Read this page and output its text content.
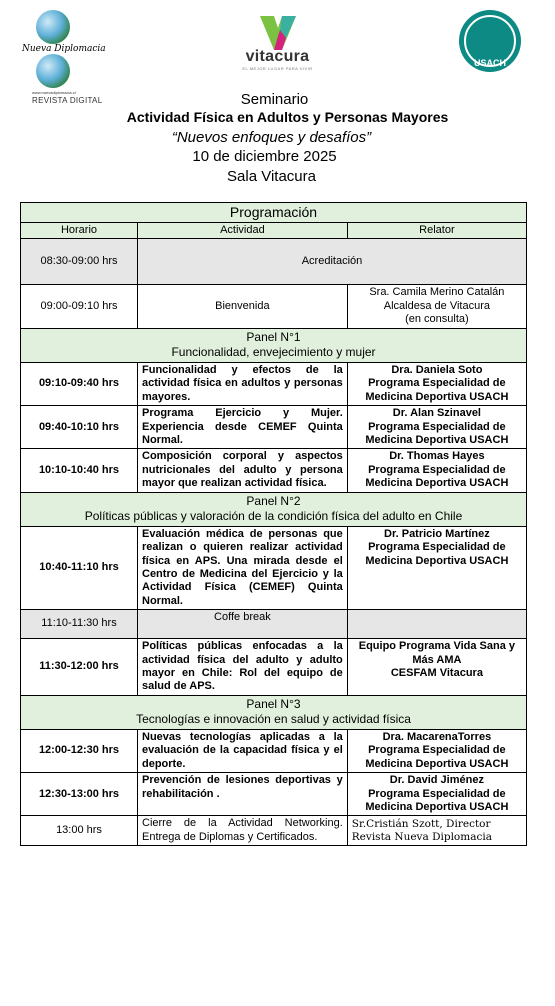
Nueva Diplomacia
www.nuevadiplomacia.cl
REVISTA DIGITAL
vitacura
EL MEJOR LUGAR PARA VIVIR
USACH
Seminario
Actividad Física en Adultos y Personas Mayores
“Nuevos enfoques y desafíos”
10 de diciembre 2025
Sala Vitacura
Programación		
Horario	Actividad	Relator
08:30-09:00 hrs	Acreditación	
09:00-09:10 hrs	Bienvenida	Sra. Camila Merino Catalán
Alcaldesa de Vitacura
(en consulta)

Panel N°1
Funcionalidad, envejecimiento y mujer		

09:10-09:40 hrs	Funcionalidad y efectos de la actividad física en adultos y personas mayores.	Dra. Daniela Soto
Programa Especialidad de Medicina Deportiva USACH

09:40-10:10 hrs	Programa Ejercicio y Mujer. Experiencia desde CEMEF Quinta Normal.	Dr. Alan Szinavel
Programa Especialidad de Medicina Deportiva USACH

10:10-10:40 hrs	Composición corporal y aspectos nutricionales del adulto y persona mayor que realizan actividad física.	Dr. Thomas Hayes
Programa Especialidad de Medicina Deportiva USACH

Panel N°2
Políticas públicas y valoración de la condición física del adulto en Chile		

10:40-11:10 hrs	Evaluación médica de personas que realizan o quieren realizar actividad física en APS. Una mirada desde el Centro de Medicina del Ejercicio y la Actividad Física (CEMEF) Quinta Normal.	Dr. Patricio Martínez
Programa Especialidad de Medicina Deportiva USACH

11:10-11:30 hrs	Coffe break	
11:30-12:00 hrs	Políticas públicas enfocadas a la actividad física del adulto y adulto mayor en Chile: Rol del equipo de salud de APS.	Equipo Programa Vida Sana y Más AMA
CESFAM Vitacura

Panel N°3
Tecnologías e innovación en salud y actividad física		

12:00-12:30 hrs	Nuevas tecnologías aplicadas a la evaluación de la capacidad física y el deporte.	Dra. MacarenaTorres
Programa Especialidad de Medicina Deportiva USACH

12:30-13:00 hrs	Prevención de lesiones deportivas y rehabilitación .	Dr. David Jiménez
Programa Especialidad de Medicina Deportiva USACH

13:00 hrs	Cierre de la Actividad Networking. Entrega de Diplomas y Certificados.	Sr.Cristián Szott, Director
Revista Nueva Diplomacia
